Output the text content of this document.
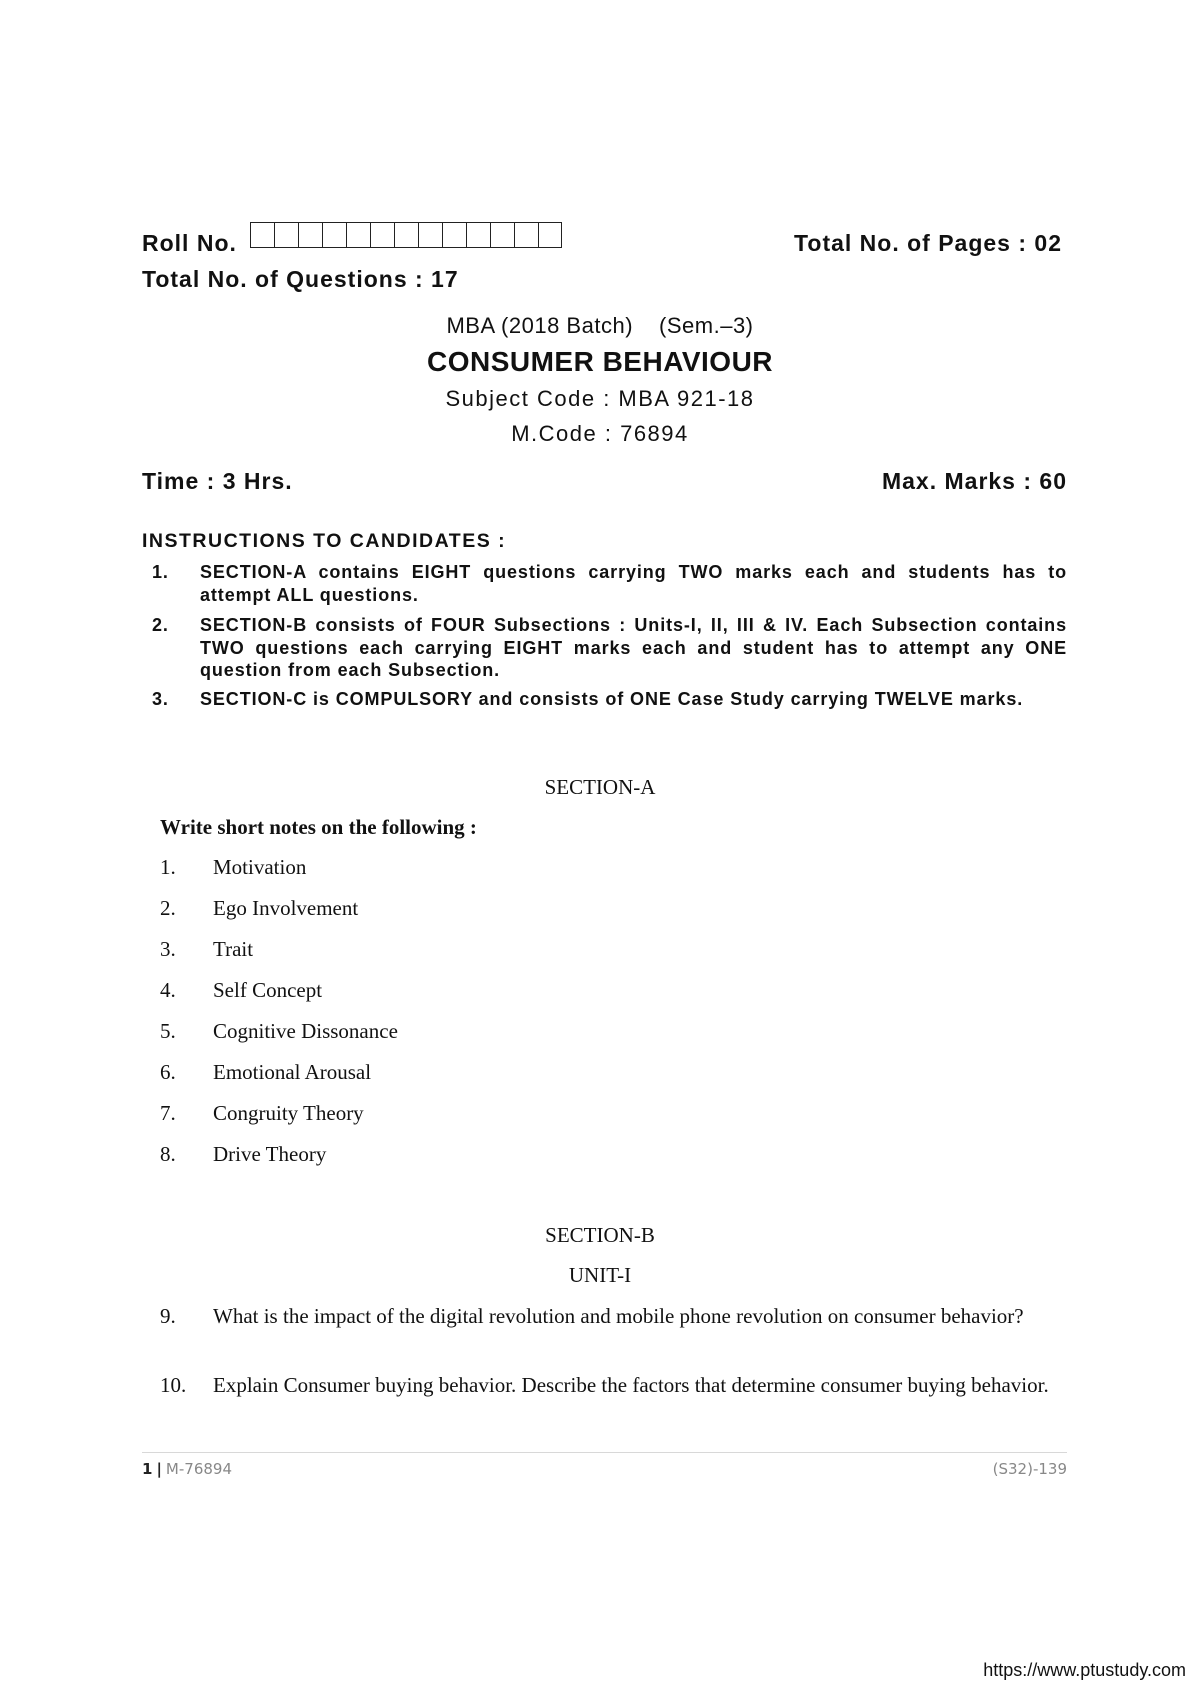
Roll No.	Total No. of Pages : 02
Total No. of Questions : 17
MBA (2018 Batch) (Sem.–3)
CONSUMER BEHAVIOUR
Subject Code : MBA 921-18
M.Code : 76894
Time : 3 Hrs.	Max. Marks : 60
INSTRUCTIONS TO CANDIDATES :
1.	SECTION-A contains EIGHT questions carrying TWO marks each and students has to attempt ALL questions.
2.	SECTION-B consists of FOUR Subsections : Units-I, II, III & IV. Each Subsection contains TWO questions each carrying EIGHT marks each and student has to attempt any ONE question from each Subsection.
3.	SECTION-C is COMPULSORY and consists of ONE Case Study carrying TWELVE marks.
SECTION-A
Write short notes on the following :
1.	Motivation
2.	Ego Involvement
3.	Trait
4.	Self Concept
5.	Cognitive Dissonance
6.	Emotional Arousal
7.	Congruity Theory
8.	Drive Theory
SECTION-B
UNIT-I
9.	What is the impact of the digital revolution and mobile phone revolution on consumer behavior?
10.	Explain Consumer buying behavior. Describe the factors that determine consumer buying behavior.
1 | M-76894	(S32)-139
https://www.ptustudy.com
